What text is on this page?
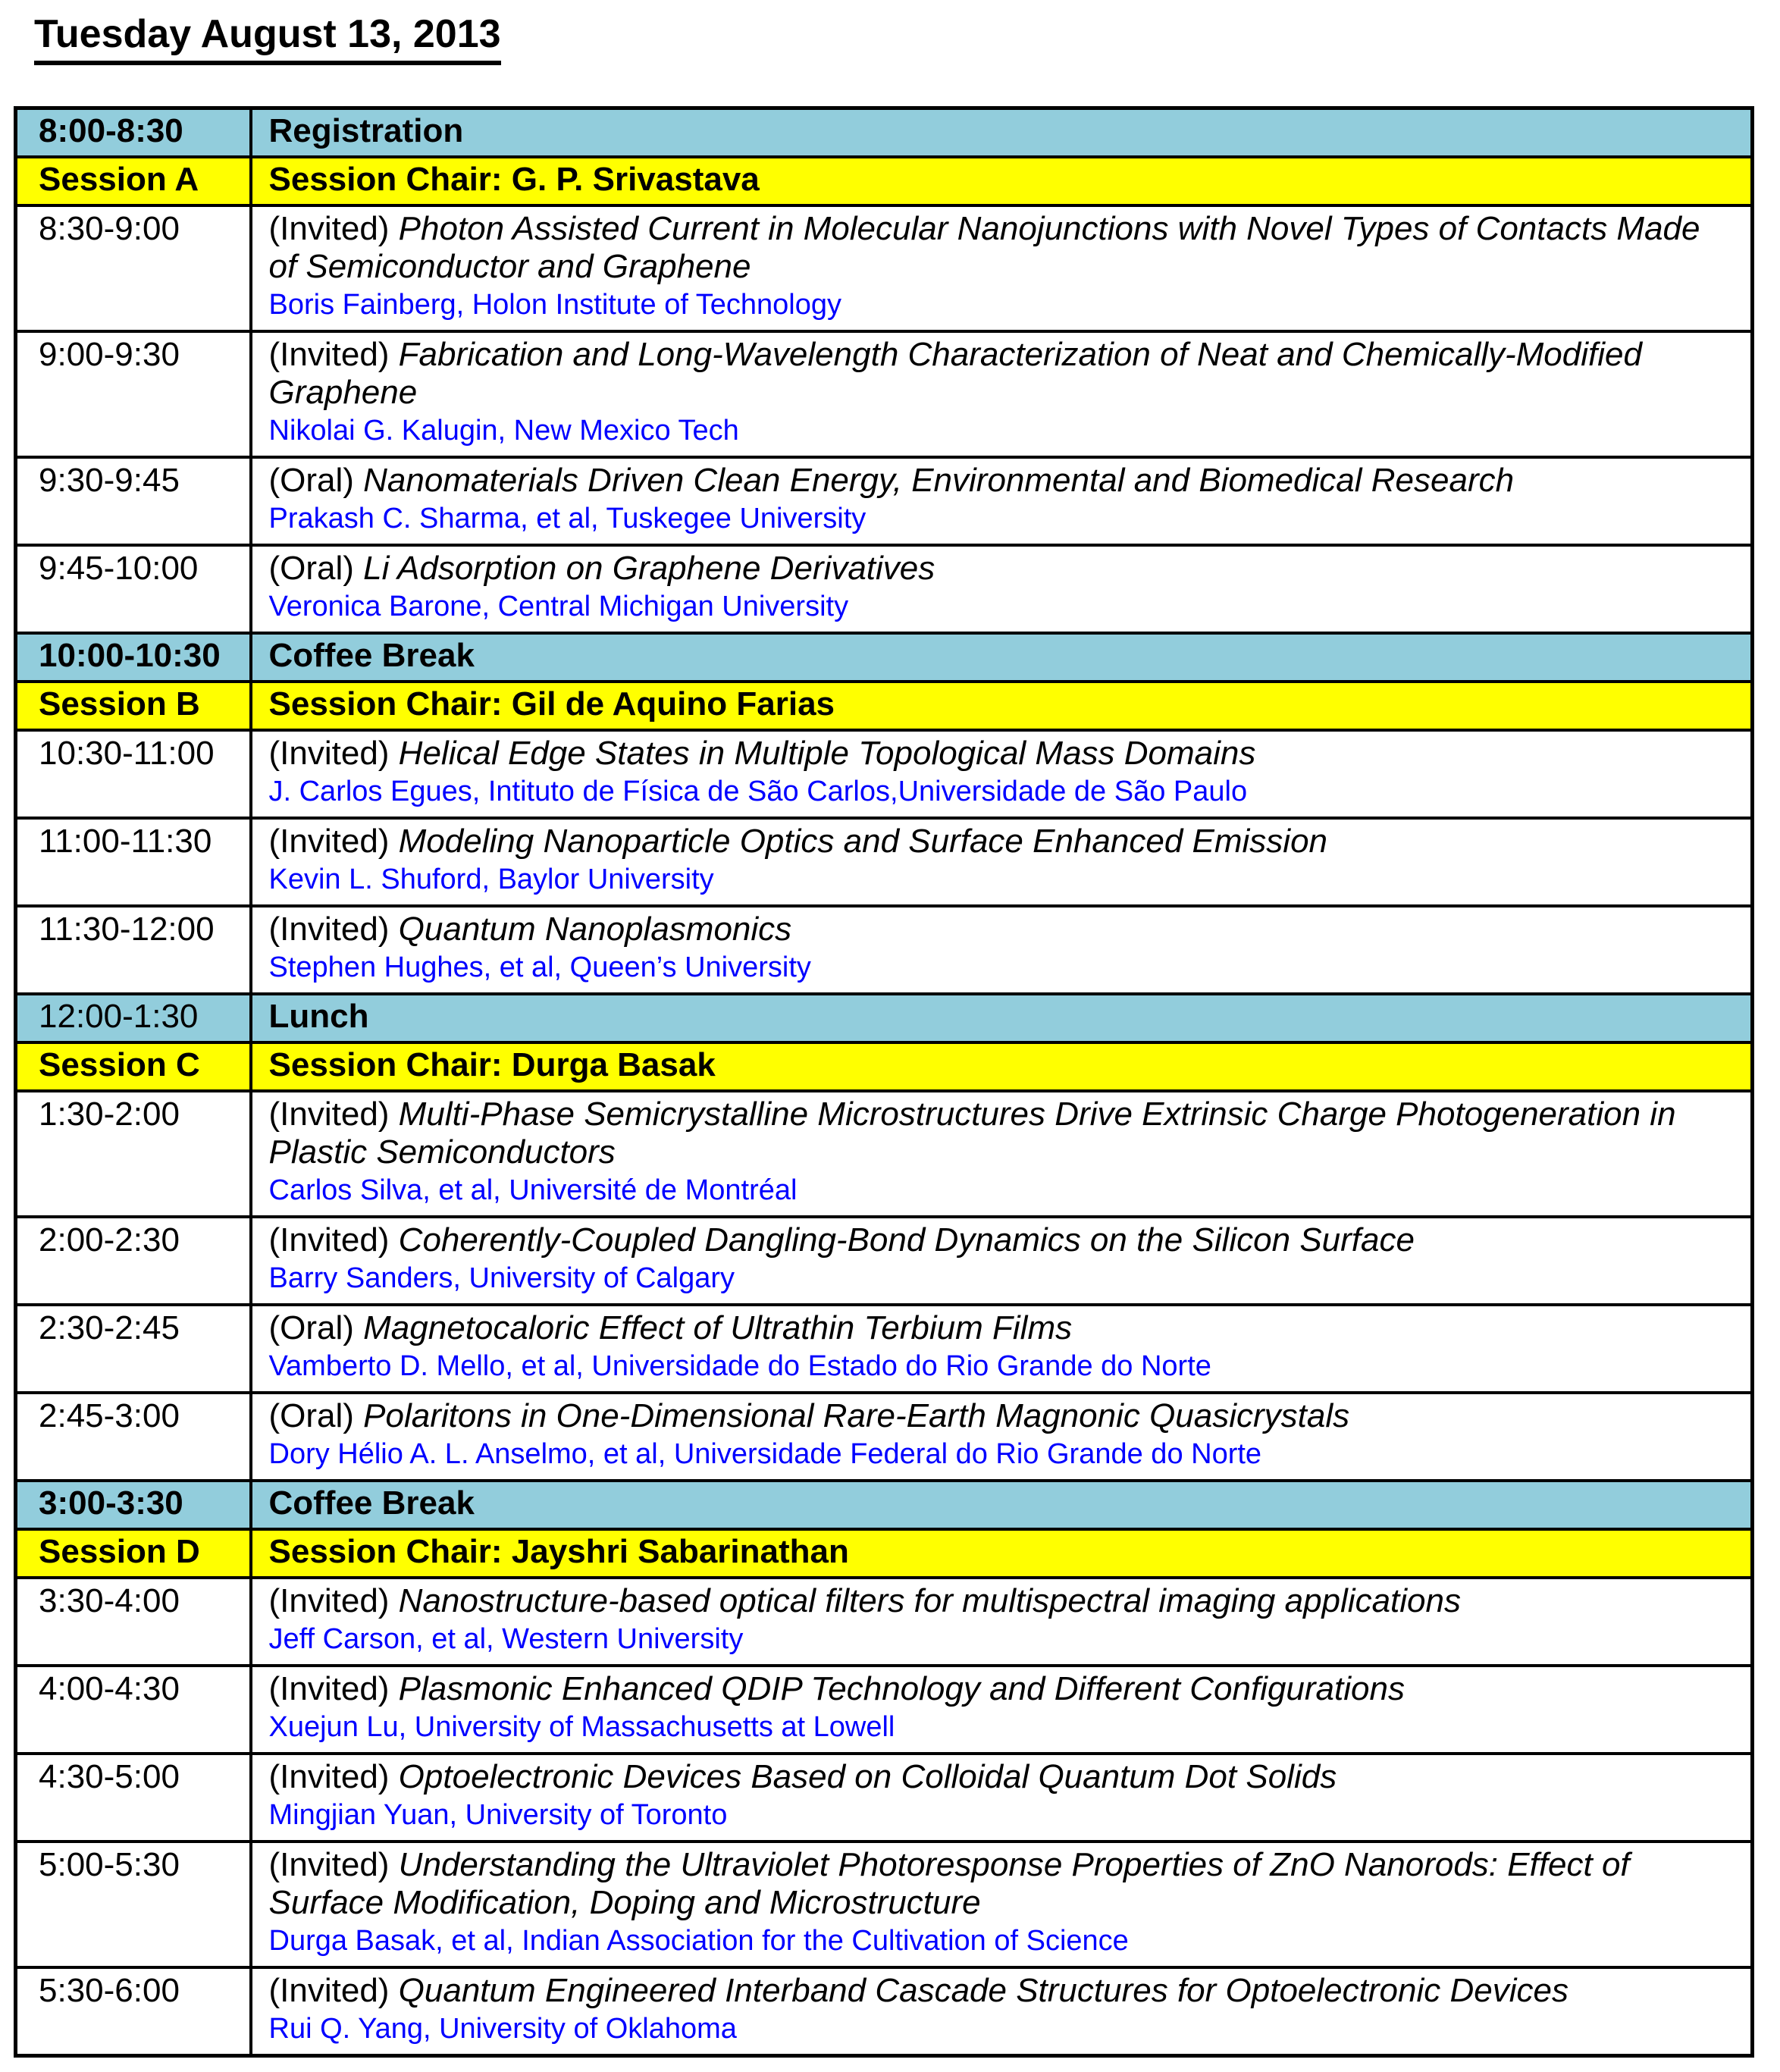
Tuesday August 13, 2013
8:00-8:30	Registration
Session A	Session Chair: G. P. Srivastava
8:30-9:00	(Invited) Photon Assisted Current in Molecular Nanojunctions with Novel Types of Contacts Made of Semiconductor and Graphene
Boris Fainberg, Holon Institute of Technology

9:00-9:30	(Invited) Fabrication and Long-Wavelength Characterization of Neat and Chemically-Modified Graphene
Nikolai G. Kalugin, New Mexico Tech

9:30-9:45	(Oral) Nanomaterials Driven Clean Energy, Environmental and Biomedical Research
Prakash C. Sharma, et al, Tuskegee University

9:45-10:00	(Oral) Li Adsorption on Graphene Derivatives
Veronica Barone, Central Michigan University

10:00-10:30	Coffee Break
Session B	Session Chair: Gil de Aquino Farias
10:30-11:00	(Invited) Helical Edge States in Multiple Topological Mass Domains
J. Carlos Egues, Intituto de Física de São Carlos,Universidade de São Paulo

11:00-11:30	(Invited) Modeling Nanoparticle Optics and Surface Enhanced Emission
Kevin L. Shuford, Baylor University

11:30-12:00	(Invited) Quantum Nanoplasmonics
Stephen Hughes, et al, Queen’s University

12:00-1:30	Lunch
Session C	Session Chair: Durga Basak
1:30-2:00	(Invited) Multi-Phase Semicrystalline Microstructures Drive Extrinsic Charge Photogeneration in Plastic Semiconductors
Carlos Silva, et al, Université de Montréal

2:00-2:30	(Invited) Coherently-Coupled Dangling-Bond Dynamics on the Silicon Surface
Barry Sanders, University of Calgary

2:30-2:45	(Oral) Magnetocaloric Effect of Ultrathin Terbium Films
Vamberto D. Mello, et al, Universidade do Estado do Rio Grande do Norte

2:45-3:00	(Oral) Polaritons in One-Dimensional Rare-Earth Magnonic Quasicrystals
Dory Hélio A. L. Anselmo, et al, Universidade Federal do Rio Grande do Norte

3:00-3:30	Coffee Break
Session D	Session Chair: Jayshri Sabarinathan
3:30-4:00	(Invited) Nanostructure-based optical filters for multispectral imaging applications
Jeff Carson, et al, Western University

4:00-4:30	(Invited) Plasmonic Enhanced QDIP Technology and Different Configurations
Xuejun Lu, University of Massachusetts at Lowell

4:30-5:00	(Invited) Optoelectronic Devices Based on Colloidal Quantum Dot Solids
Mingjian Yuan, University of Toronto

5:00-5:30	(Invited) Understanding the Ultraviolet Photoresponse Properties of ZnO Nanorods: Effect of Surface Modification, Doping and Microstructure
Durga Basak, et al, Indian Association for the Cultivation of Science

5:30-6:00	(Invited) Quantum Engineered Interband Cascade Structures for Optoelectronic Devices
Rui Q. Yang, University of Oklahoma
